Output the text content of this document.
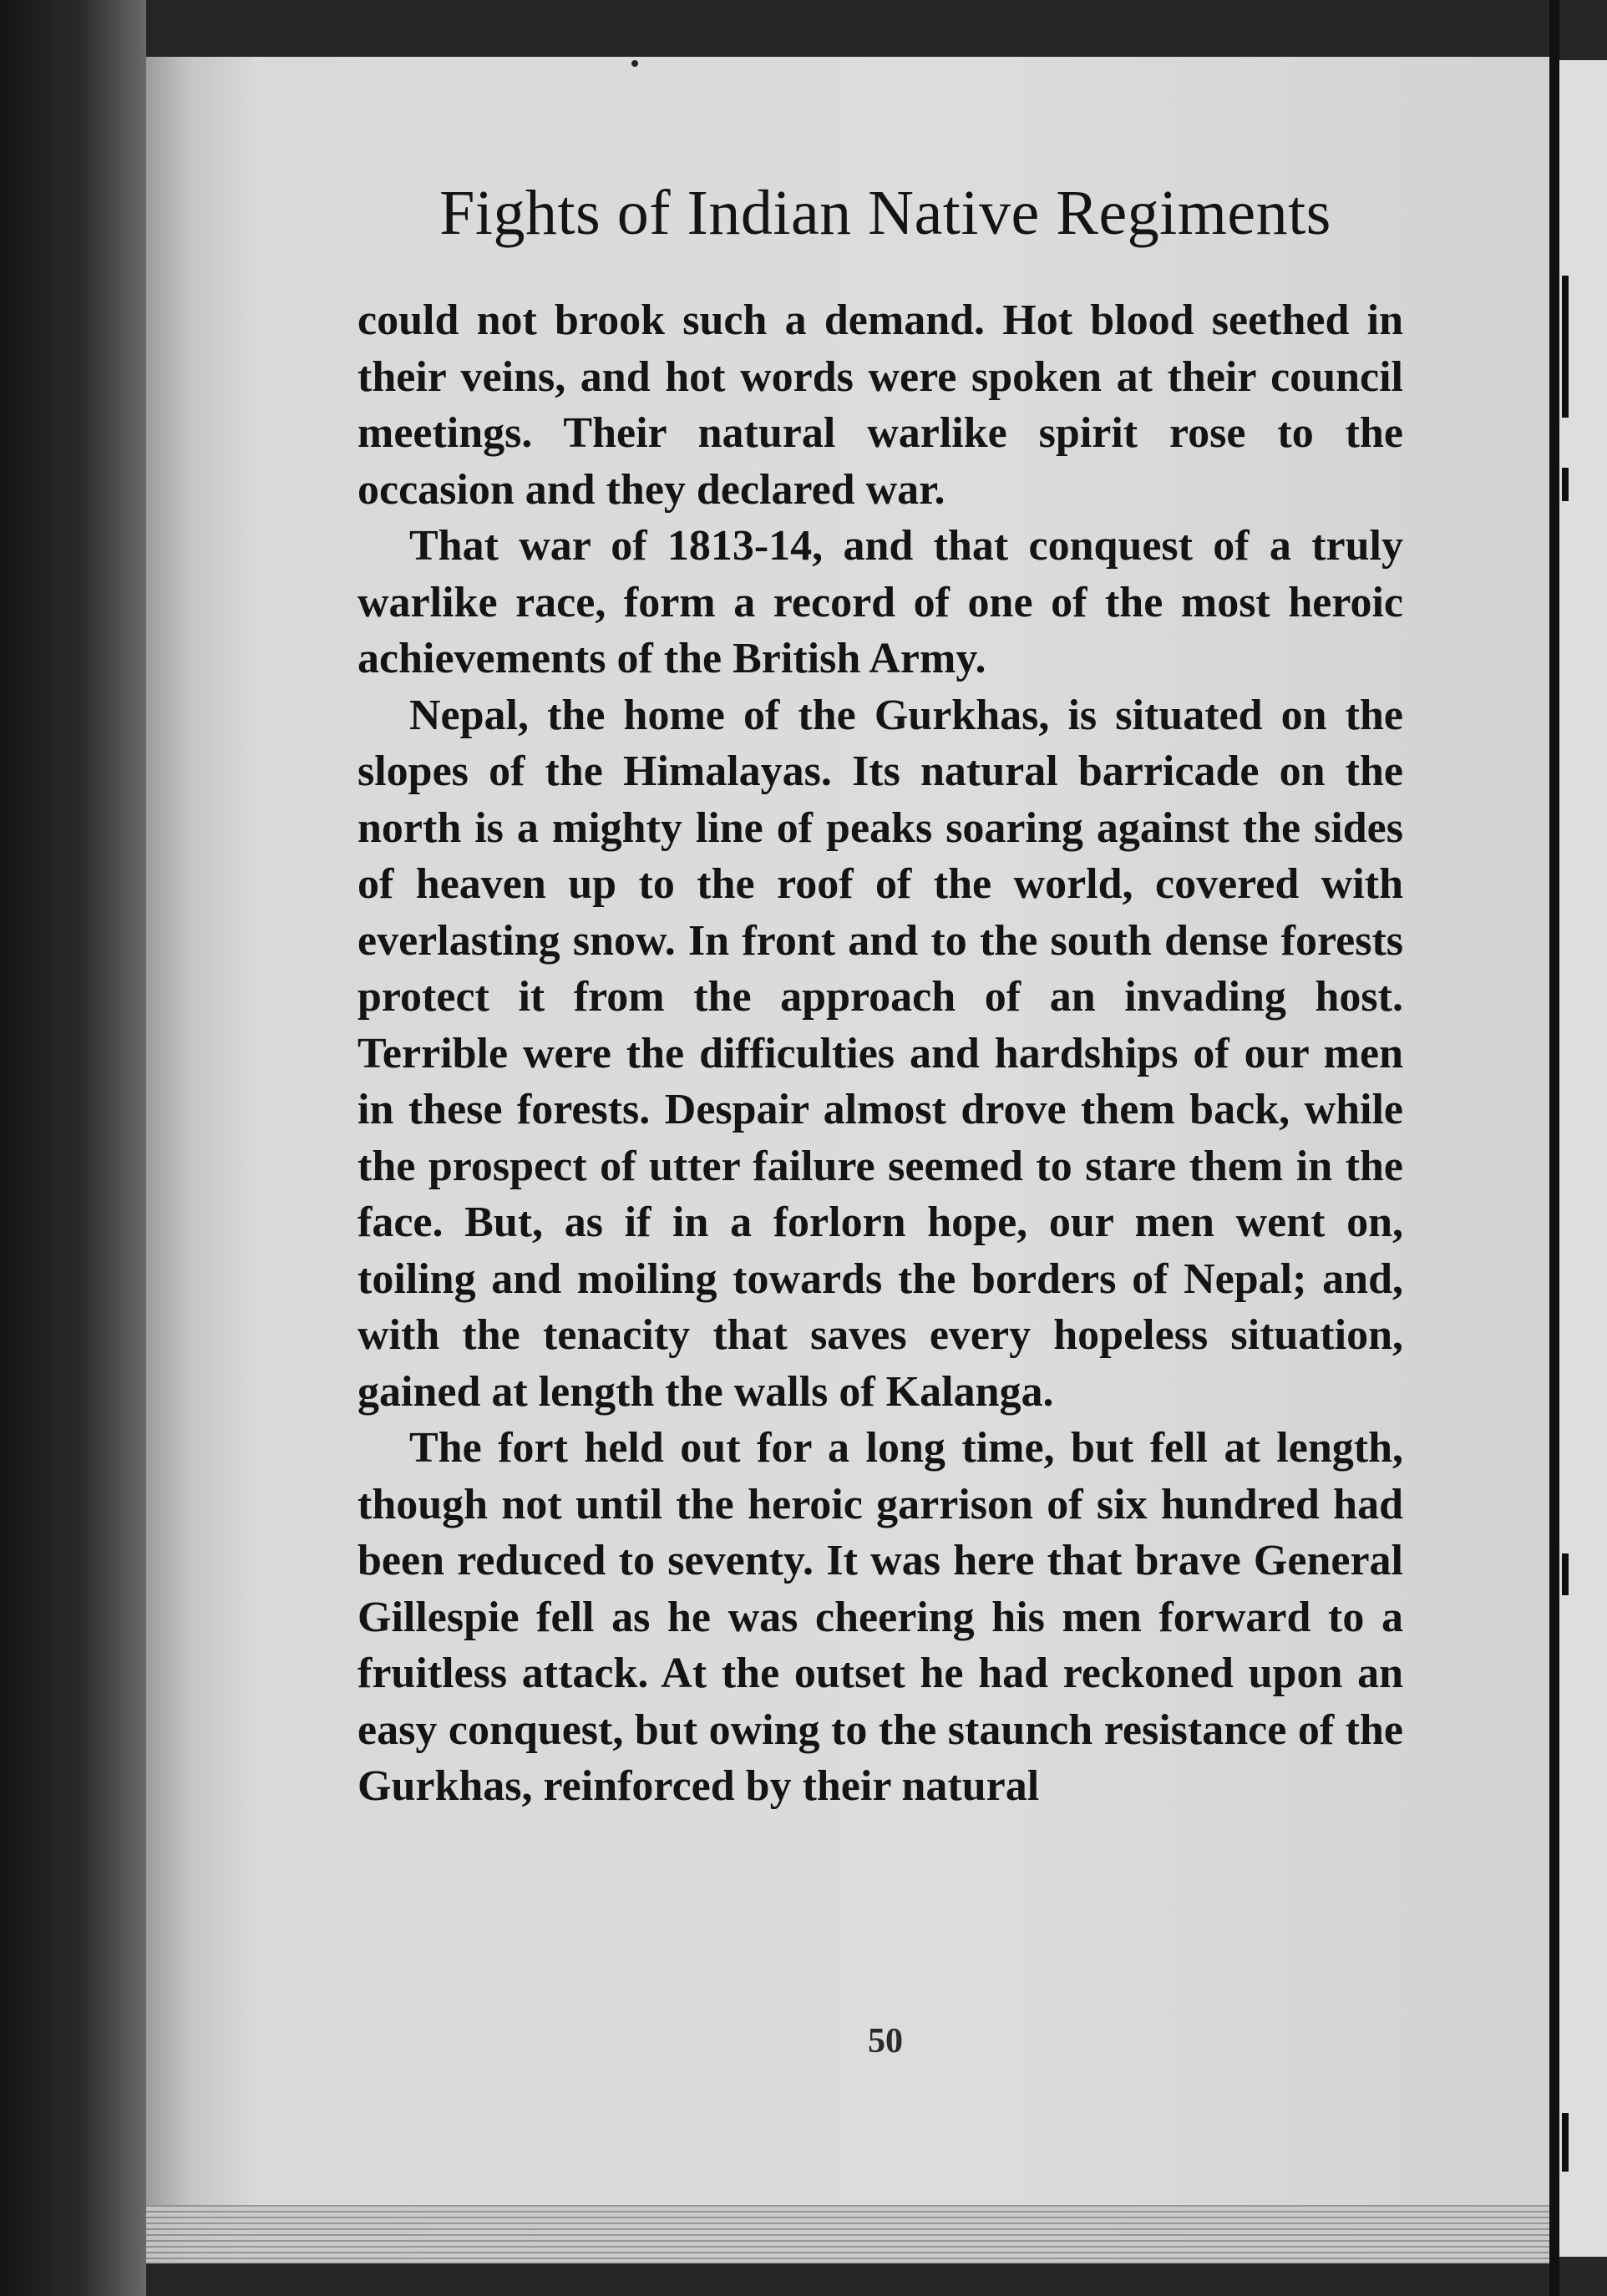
Fights of Indian Native Regiments

could not brook such a demand. Hot blood seethed in their veins, and hot words were spoken at their council meetings. Their natural warlike spirit rose to the occasion and they declared war.

That war of 1813-14, and that conquest of a truly warlike race, form a record of one of the most heroic achievements of the British Army.

Nepal, the home of the Gurkhas, is situated on the slopes of the Himalayas. Its natural barricade on the north is a mighty line of peaks soaring against the sides of heaven up to the roof of the world, covered with everlasting snow. In front and to the south dense forests protect it from the approach of an invading host. Terrible were the difficulties and hardships of our men in these forests. Despair almost drove them back, while the prospect of utter failure seemed to stare them in the face. But, as if in a forlorn hope, our men went on, toiling and moiling towards the borders of Nepal; and, with the tenacity that saves every hopeless situation, gained at length the walls of Kalanga.

The fort held out for a long time, but fell at length, though not until the heroic garrison of six hundred had been reduced to seventy. It was here that brave General Gillespie fell as he was cheering his men forward to a fruitless attack. At the outset he had reckoned upon an easy conquest, but owing to the staunch resistance of the Gurkhas, reinforced by their natural

50
